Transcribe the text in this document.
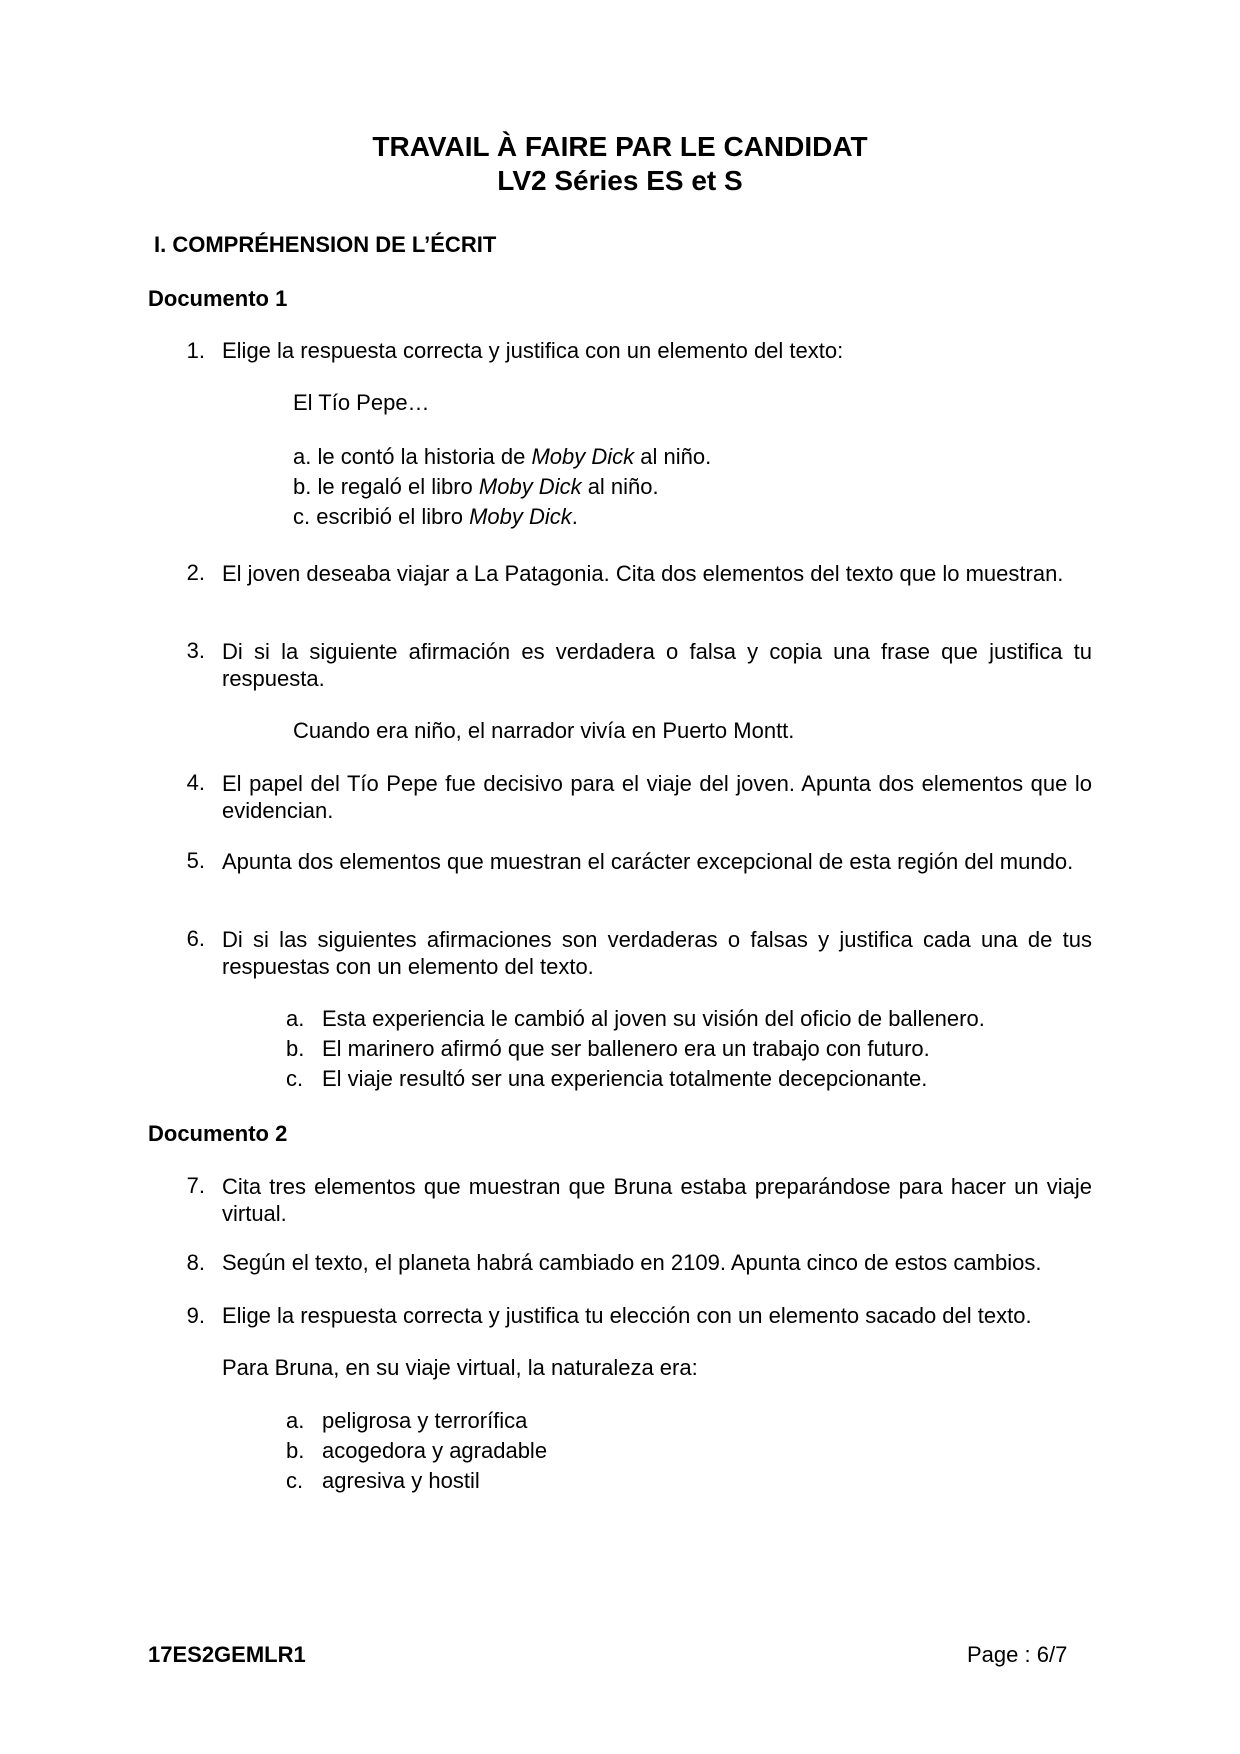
TRAVAIL À FAIRE PAR LE CANDIDAT
LV2 Séries ES et S
I. COMPRÉHENSION DE L’ÉCRIT
Documento 1
1. Elige la respuesta correcta y justifica con un elemento del texto:
El Tío Pepe…
a. le contó la historia de Moby Dick al niño.
b. le regaló el libro Moby Dick al niño.
c. escribió el libro Moby Dick.
2. El joven deseaba viajar a La Patagonia. Cita dos elementos del texto que lo muestran.
3. Di si la siguiente afirmación es verdadera o falsa y copia una frase que justifica tu respuesta.
Cuando era niño, el narrador vivía en Puerto Montt.
4. El papel del Tío Pepe fue decisivo para el viaje del joven. Apunta dos elementos que lo evidencian.
5. Apunta dos elementos que muestran el carácter excepcional de esta región del mundo.
6. Di si las siguientes afirmaciones son verdaderas o falsas y justifica cada una de tus respuestas con un elemento del texto.
a. Esta experiencia le cambió al joven su visión del oficio de ballenero.
b. El marinero afirmó que ser ballenero era un trabajo con futuro.
c. El viaje resultó ser una experiencia totalmente decepcionante.
Documento 2
7. Cita tres elementos que muestran que Bruna estaba preparándose para hacer un viaje virtual.
8. Según el texto, el planeta habrá cambiado en 2109. Apunta cinco de estos cambios.
9. Elige la respuesta correcta y justifica tu elección con un elemento sacado del texto.
Para Bruna, en su viaje virtual, la naturaleza era:
a. peligrosa y terrorífica
b. acogedora y agradable
c. agresiva y hostil
17ES2GEMLR1	Page : 6/7
